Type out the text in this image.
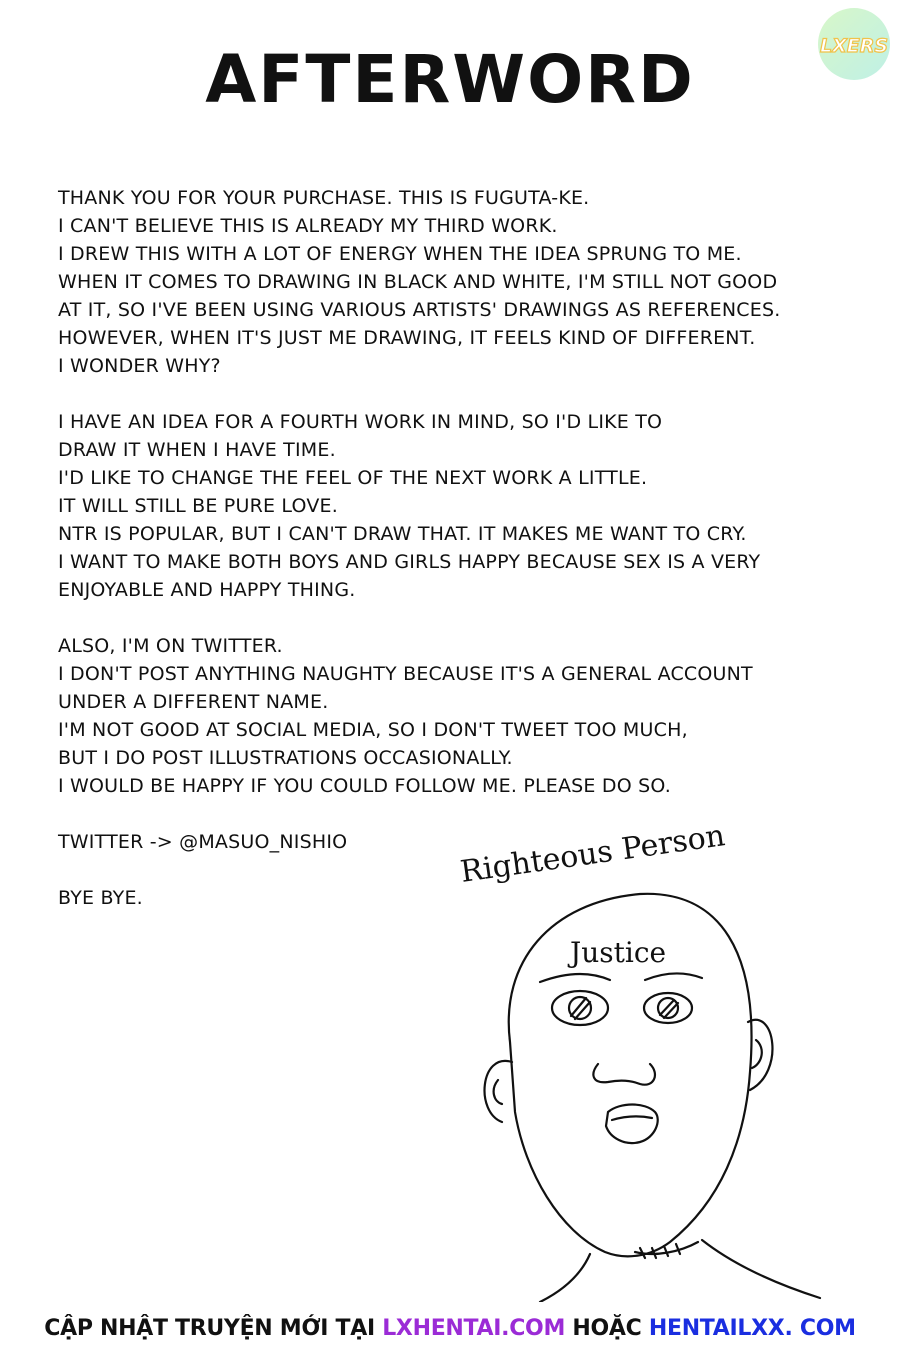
LXERS
AFTERWORD
THANK YOU FOR YOUR PURCHASE. THIS IS FUGUTA-KE.
I CAN'T BELIEVE THIS IS ALREADY MY THIRD WORK.
I DREW THIS WITH A LOT OF ENERGY WHEN THE IDEA SPRUNG TO ME.
WHEN IT COMES TO DRAWING IN BLACK AND WHITE, I'M STILL NOT GOOD
AT IT, SO I'VE BEEN USING VARIOUS ARTISTS' DRAWINGS AS REFERENCES.
HOWEVER, WHEN IT'S JUST ME DRAWING, IT FEELS KIND OF DIFFERENT.
I WONDER WHY?
I HAVE AN IDEA FOR A FOURTH WORK IN MIND, SO I'D LIKE TO
DRAW IT WHEN I HAVE TIME.
I'D LIKE TO CHANGE THE FEEL OF THE NEXT WORK A LITTLE.
IT WILL STILL BE PURE LOVE.
NTR IS POPULAR, BUT I CAN'T DRAW THAT. IT MAKES ME WANT TO CRY.
I WANT TO MAKE BOTH BOYS AND GIRLS HAPPY BECAUSE SEX IS A VERY
ENJOYABLE AND HAPPY THING.
ALSO, I'M ON TWITTER.
I DON'T POST ANYTHING NAUGHTY BECAUSE IT'S A GENERAL ACCOUNT
UNDER A DIFFERENT NAME.
I'M NOT GOOD AT SOCIAL MEDIA, SO I DON'T TWEET TOO MUCH,
BUT I DO POST ILLUSTRATIONS OCCASIONALLY.
I WOULD BE HAPPY IF YOU COULD FOLLOW ME. PLEASE DO SO.
TWITTER -> @MASUO_NISHIO
BYE BYE.
Righteous Person
Justice
CẬP NHẬT TRUYỆN MỚI TẠI LXHENTAI.COM HOẶC HENTAILXX. COM
